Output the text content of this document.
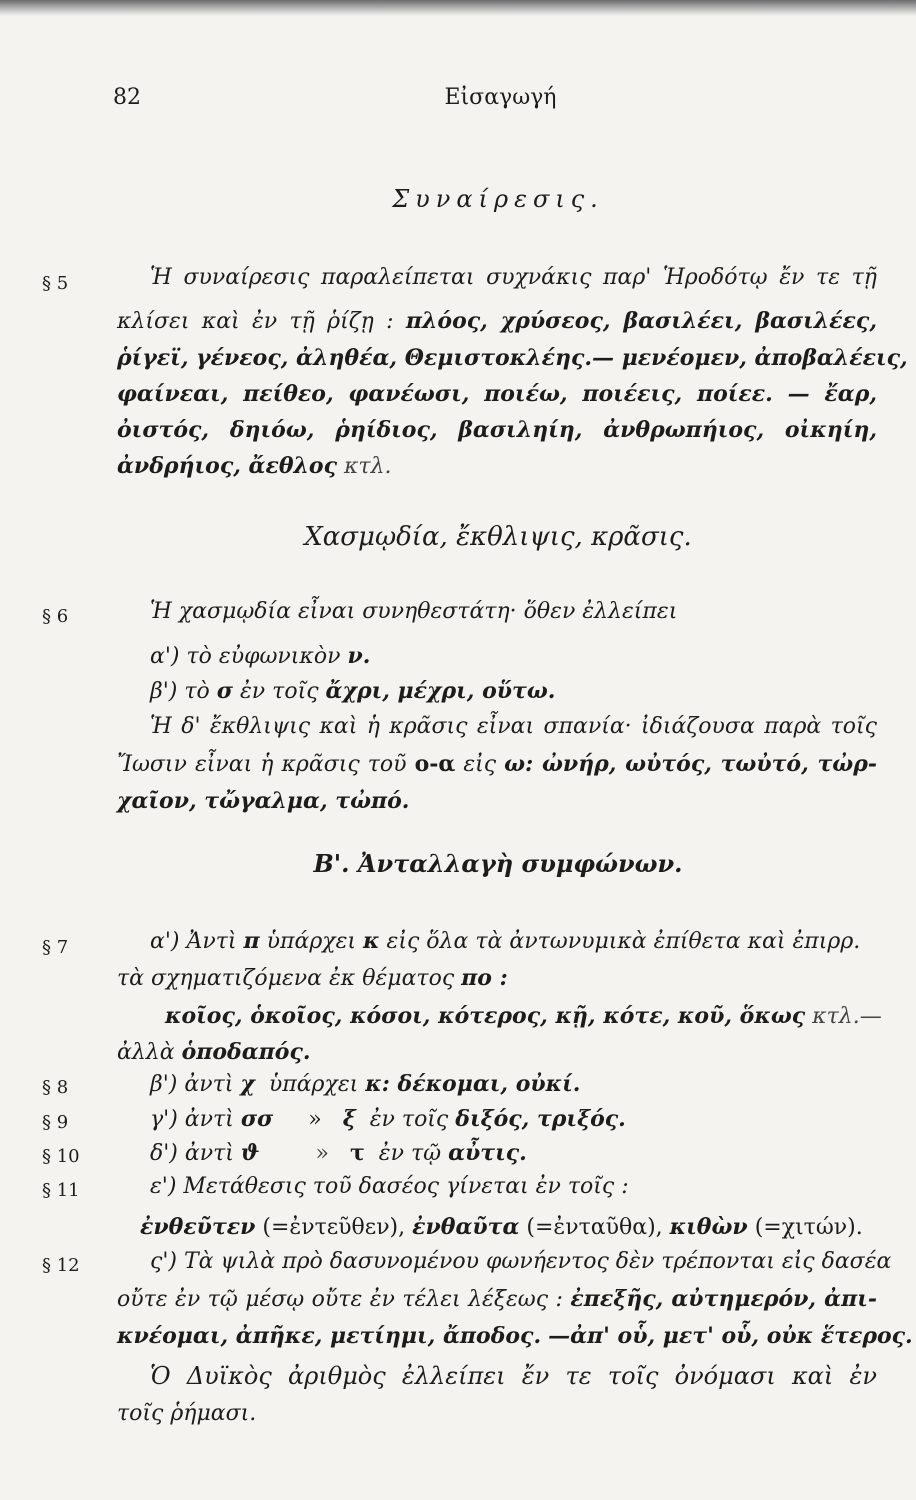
82	Εἰσαγωγή
Συναίρεσις.
§ 5	Ἡ συναίρεσις παραλείπεται συχνάκις παρ' Ἡροδότῳ ἔν τε τῇ
κλίσει καὶ ἐν τῇ ῥίζῃ : πλόος, χρύσεος, βασιλέει, βασιλέες,
ῥίγεϊ, γένεος, ἀληθέα, Θεμιστοκλέης.— μενέομεν, ἀποβαλέεις,
φαίνεαι, πείθεο, φανέωσι, ποιέω, ποιέεις, ποίεε. — ἔαρ,
ὀιστός, δηιόω, ῥηίδιος, βασιληίη, ἀνθρωπήιος, οἰκηίη,
ἀνδρήιος, ἄεθλος κτλ.
Χασμῳδία, ἔκθλιψις, κρᾶσις.
§ 6	Ἡ χασμῳδία εἶναι συνηθεστάτη· ὅθεν ἐλλείπει
α') τὸ εὐφωνικὸν ν.
β') τὸ σ ἐν τοῖς ἄχρι, μέχρι, οὕτω.
Ἡ δ' ἔκθλιψις καὶ ἡ κρᾶσις εἶναι σπανία· ἰδιάζουσα παρὰ τοῖς
Ἴωσιν εἶναι ἡ κρᾶσις τοῦ ο-α εἰς ω: ὠνήρ, ωὐτός, τωὐτό, τὠρ-
χαῖον, τὤγαλμα, τὠπό.
Β'. Ἀνταλλαγὴ συμφώνων.
§ 7	α') Ἀντὶ π ὑπάρχει κ εἰς ὅλα τὰ ἀντωνυμικὰ ἐπίθετα καὶ ἐπιρρ.
τὰ σχηματιζόμενα ἐκ θέματος πο :
κοῖος, ὁκοῖος, κόσοι, κότερος, κῇ, κότε, κοῦ, ὅκως κτλ.—
ἀλλὰ ὁποδαπός.
§ 8	β') ἀντὶ χ ὑπάρχει κ: δέκομαι, οὐκί.
§ 9	γ') ἀντὶ σσ » ξ ἐν τοῖς διξός, τριξός.
§ 10	δ') ἀντὶ ϑ	» τ ἐν τῷ αὖτις.
§ 11	ε') Μετάθεσις τοῦ δασέος γίνεται ἐν τοῖς :
ἐνθεῦτεν (=ἐντεῦθεν), ἐνθαῦτα (=ἐνταῦθα), κιθὼν (=χιτών).
§ 12	ς') Τὰ ψιλὰ πρὸ δασυνομένου φωνήεντος δὲν τρέπονται εἰς δασέα
οὔτε ἐν τῷ μέσῳ οὔτε ἐν τέλει λέξεως : ἐπεξῆς, αὐτημερόν, ἀπι-
κνέομαι, ἀπῆκε, μετίημι, ἄποδος. —ἀπ' οὗ, μετ' οὗ, οὐκ ἕτερος.
Ὁ Δυϊκὸς ἀριθμὸς ἐλλείπει ἔν τε τοῖς ὀνόμασι καὶ ἐν
τοῖς ῥήμασι.
